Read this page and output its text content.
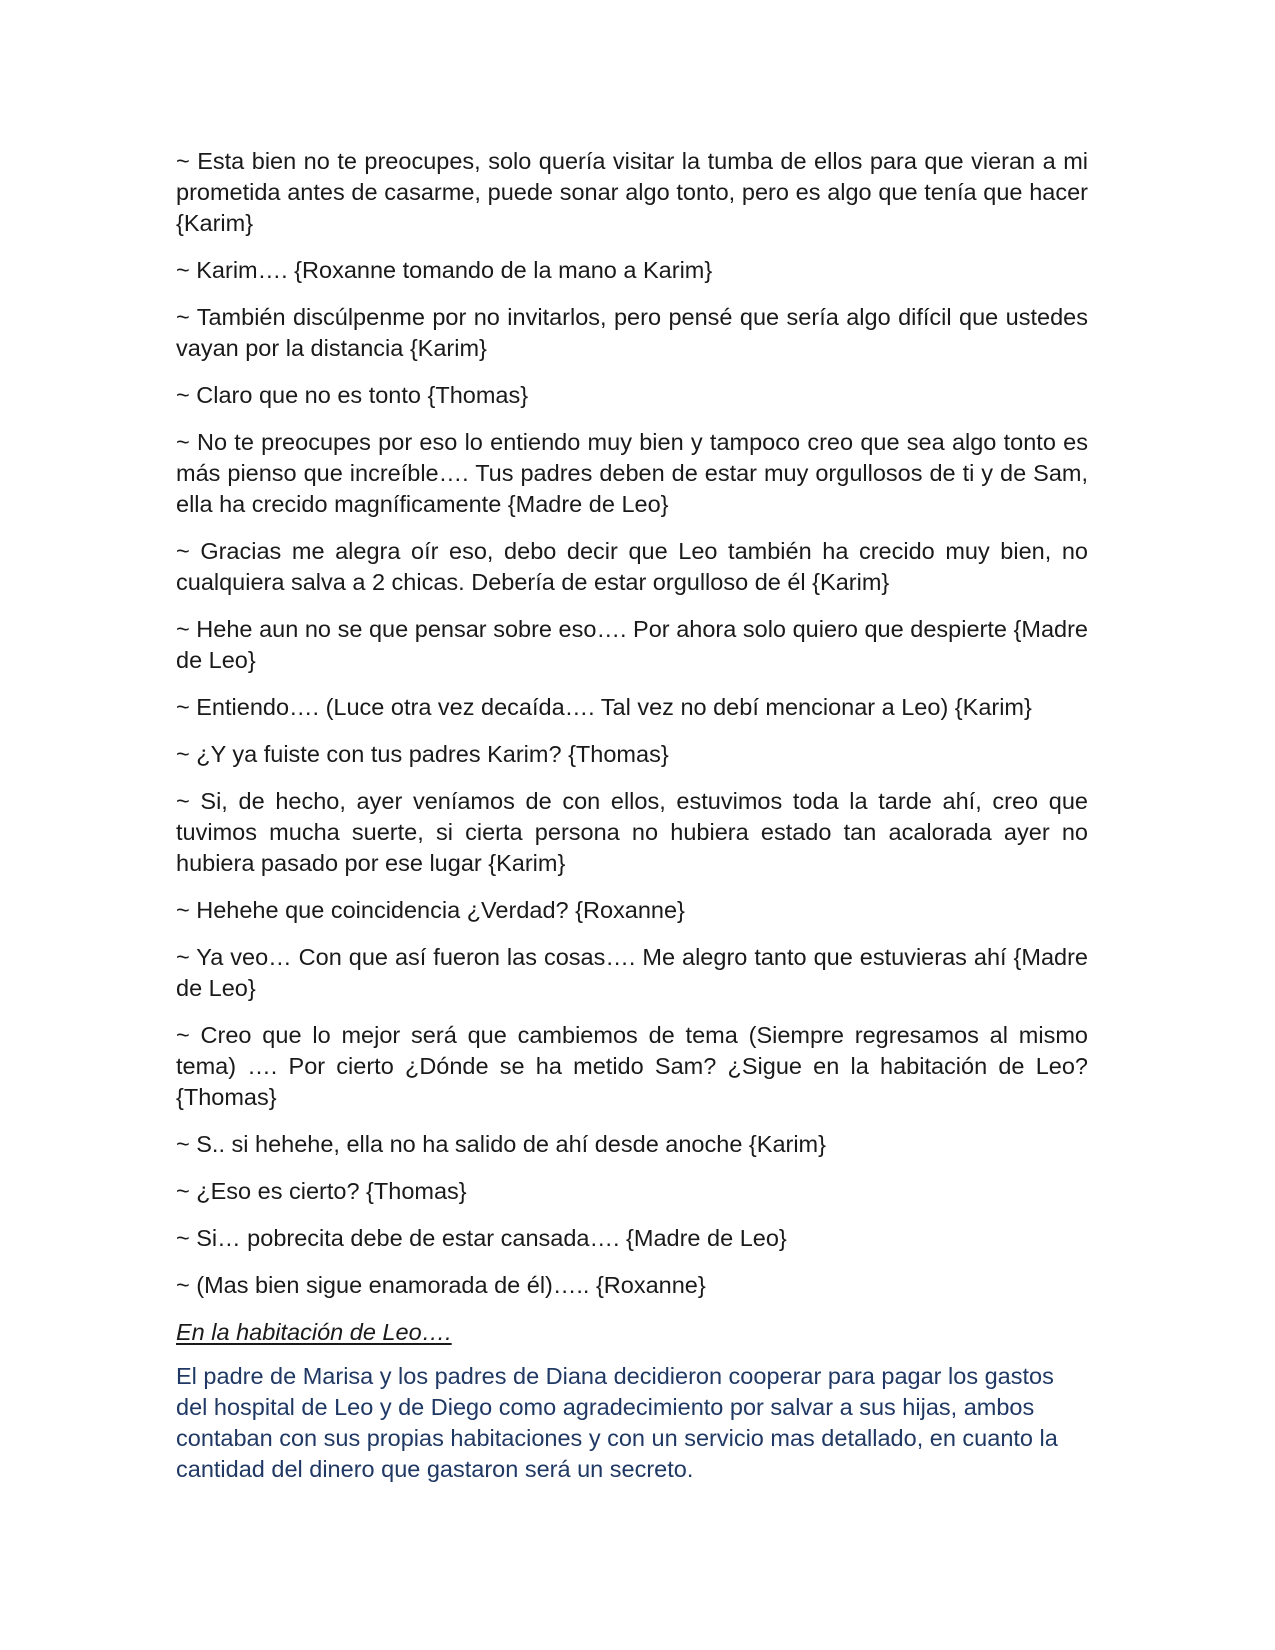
~ Esta bien no te preocupes, solo quería visitar la tumba de ellos para que vieran a mi prometida antes de casarme, puede sonar algo tonto, pero es algo que tenía que hacer {Karim}

~ Karim…. {Roxanne tomando de la mano a Karim}

~ También discúlpenme por no invitarlos, pero pensé que sería algo difícil que ustedes vayan por la distancia {Karim}

~ Claro que no es tonto {Thomas}

~ No te preocupes por eso lo entiendo muy bien y tampoco creo que sea algo tonto es más pienso que increíble…. Tus padres deben de estar muy orgullosos de ti y de Sam, ella ha crecido magníficamente {Madre de Leo}

~ Gracias me alegra oír eso, debo decir que Leo también ha crecido muy bien, no cualquiera salva a 2 chicas. Debería de estar orgulloso de él {Karim}

~ Hehe aun no se que pensar sobre eso…. Por ahora solo quiero que despierte {Madre de Leo}

~ Entiendo…. (Luce otra vez decaída…. Tal vez no debí mencionar a Leo) {Karim}

~ ¿Y ya fuiste con tus padres Karim? {Thomas}

~ Si, de hecho, ayer veníamos de con ellos, estuvimos toda la tarde ahí, creo que tuvimos mucha suerte, si cierta persona no hubiera estado tan acalorada ayer no hubiera pasado por ese lugar {Karim}

~ Hehehe que coincidencia ¿Verdad? {Roxanne}

~ Ya veo… Con que así fueron las cosas…. Me alegro tanto que estuvieras ahí {Madre de Leo}

~ Creo que lo mejor será que cambiemos de tema (Siempre regresamos al mismo tema) …. Por cierto ¿Dónde se ha metido Sam? ¿Sigue en la habitación de Leo? {Thomas}

~ S.. si hehehe, ella no ha salido de ahí desde anoche {Karim}

~ ¿Eso es cierto? {Thomas}

~ Si… pobrecita debe de estar cansada…. {Madre de Leo}

~ (Mas bien sigue enamorada de él)….. {Roxanne}

En la habitación de Leo….

El padre de Marisa y los padres de Diana decidieron cooperar para pagar los gastos del hospital de Leo y de Diego como agradecimiento por salvar a sus hijas, ambos contaban con sus propias habitaciones y con un servicio mas detallado, en cuanto la cantidad del dinero que gastaron será un secreto.
